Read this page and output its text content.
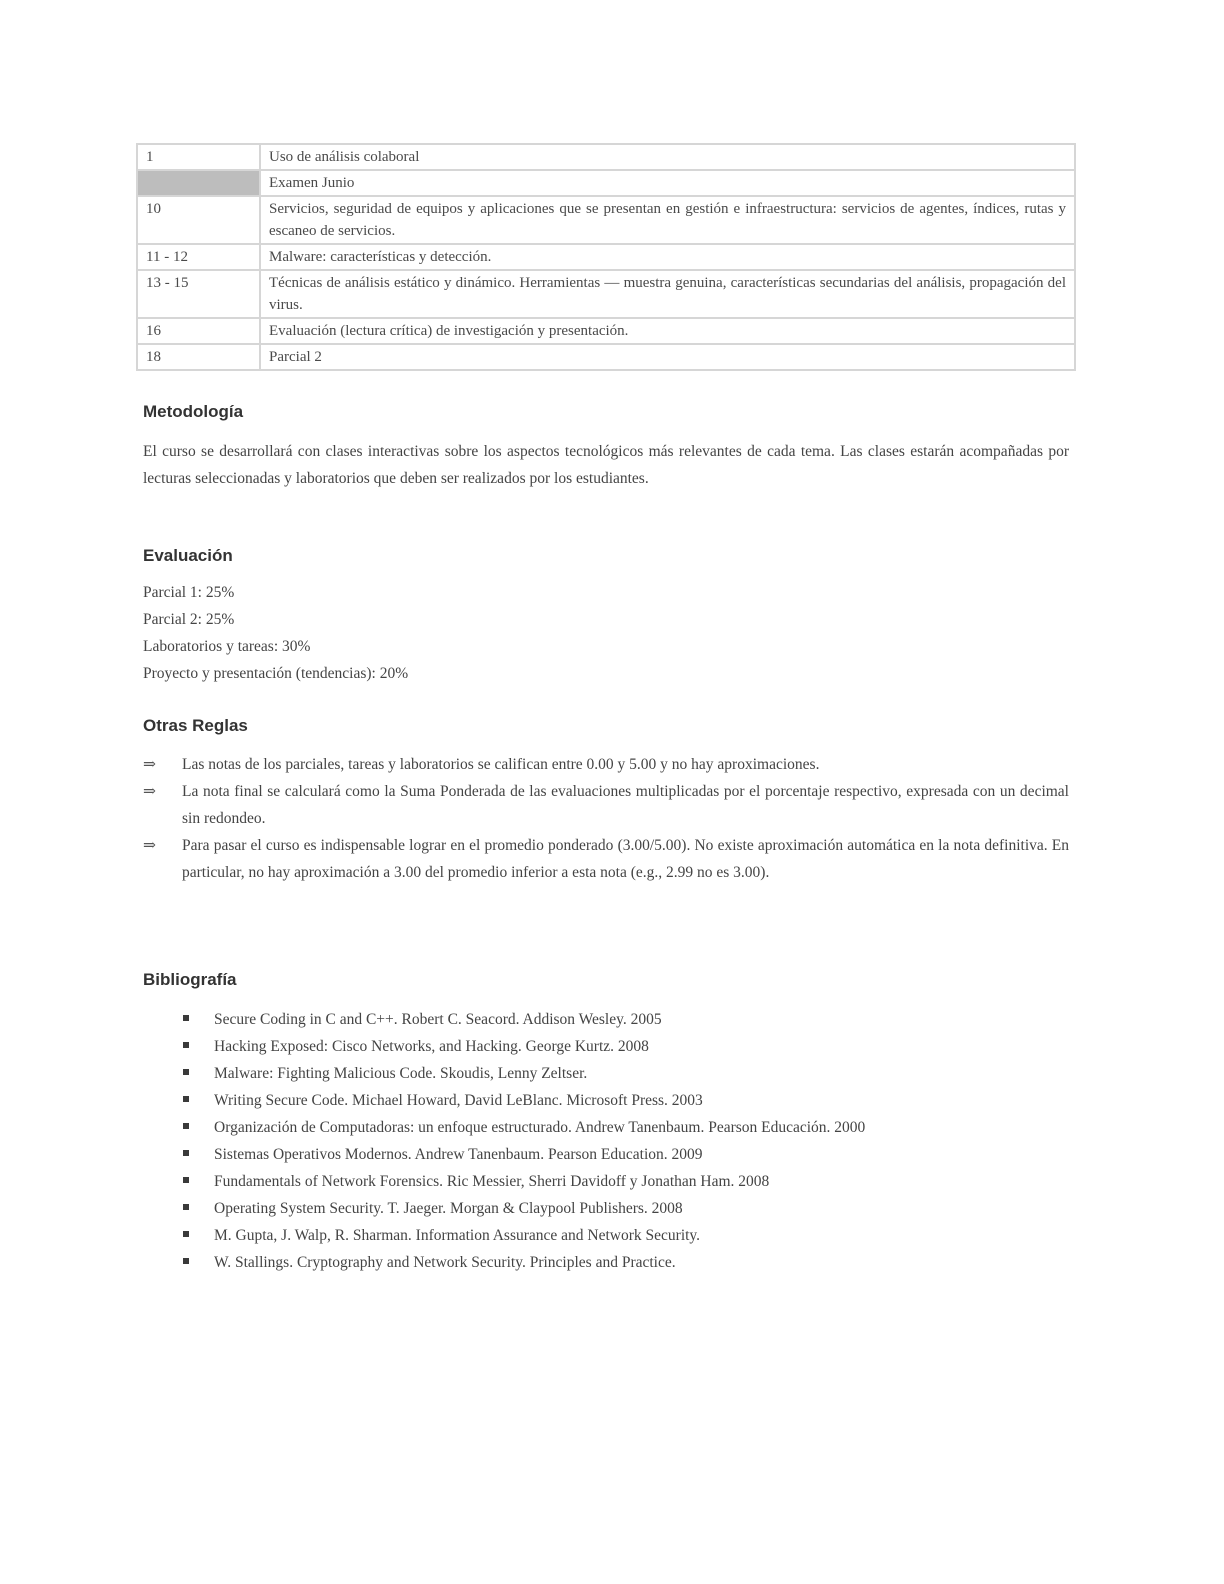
1	Uso de análisis colaboral
	Examen Junio
10	Servicios, seguridad de equipos y aplicaciones que se presentan en gestión e infraestructura: servicios de agentes, índices, rutas y escaneo de servicios.
11 - 12	Malware: características y detección.
13 - 15	Técnicas de análisis estático y dinámico. Herramientas — muestra genuina, características secundarias del análisis, propagación del virus.
16	Evaluación (lectura crítica) de investigación y presentación.
18	Parcial 2
Metodología

El curso se desarrollará con clases interactivas sobre los aspectos tecnológicos más relevantes de cada tema. Las clases estarán acompañadas por lecturas seleccionadas y laboratorios que deben ser realizados por los estudiantes.

Evaluación
Parcial 1: 25%
Parcial 2: 25%
Laboratorios y tareas: 30%
Proyecto y presentación (tendencias): 20%
Otras Reglas
⇒	Las notas de los parciales, tareas y laboratorios se califican entre 0.00 y 5.00 y no hay aproximaciones.
⇒	La nota final se calculará como la Suma Ponderada de las evaluaciones multiplicadas por el porcentaje respectivo, expresada con un decimal sin redondeo.
⇒	Para pasar el curso es indispensable lograr en el promedio ponderado (3.00/5.00). No existe aproximación automática en la nota definitiva. En particular, no hay aproximación a 3.00 del promedio inferior a esta nota (e.g., 2.99 no es 3.00).
Bibliografía
Secure Coding in C and C++. Robert C. Seacord. Addison Wesley. 2005
Hacking Exposed: Cisco Networks, and Hacking. George Kurtz. 2008
Malware: Fighting Malicious Code. Skoudis, Lenny Zeltser.
Writing Secure Code. Michael Howard, David LeBlanc. Microsoft Press. 2003
Organización de Computadoras: un enfoque estructurado. Andrew Tanenbaum. Pearson Educación. 2000
Sistemas Operativos Modernos. Andrew Tanenbaum. Pearson Education. 2009
Fundamentals of Network Forensics. Ric Messier, Sherri Davidoff y Jonathan Ham. 2008
Operating System Security. T. Jaeger. Morgan & Claypool Publishers. 2008
M. Gupta, J. Walp, R. Sharman. Information Assurance and Network Security.
W. Stallings. Cryptography and Network Security. Principles and Practice.
